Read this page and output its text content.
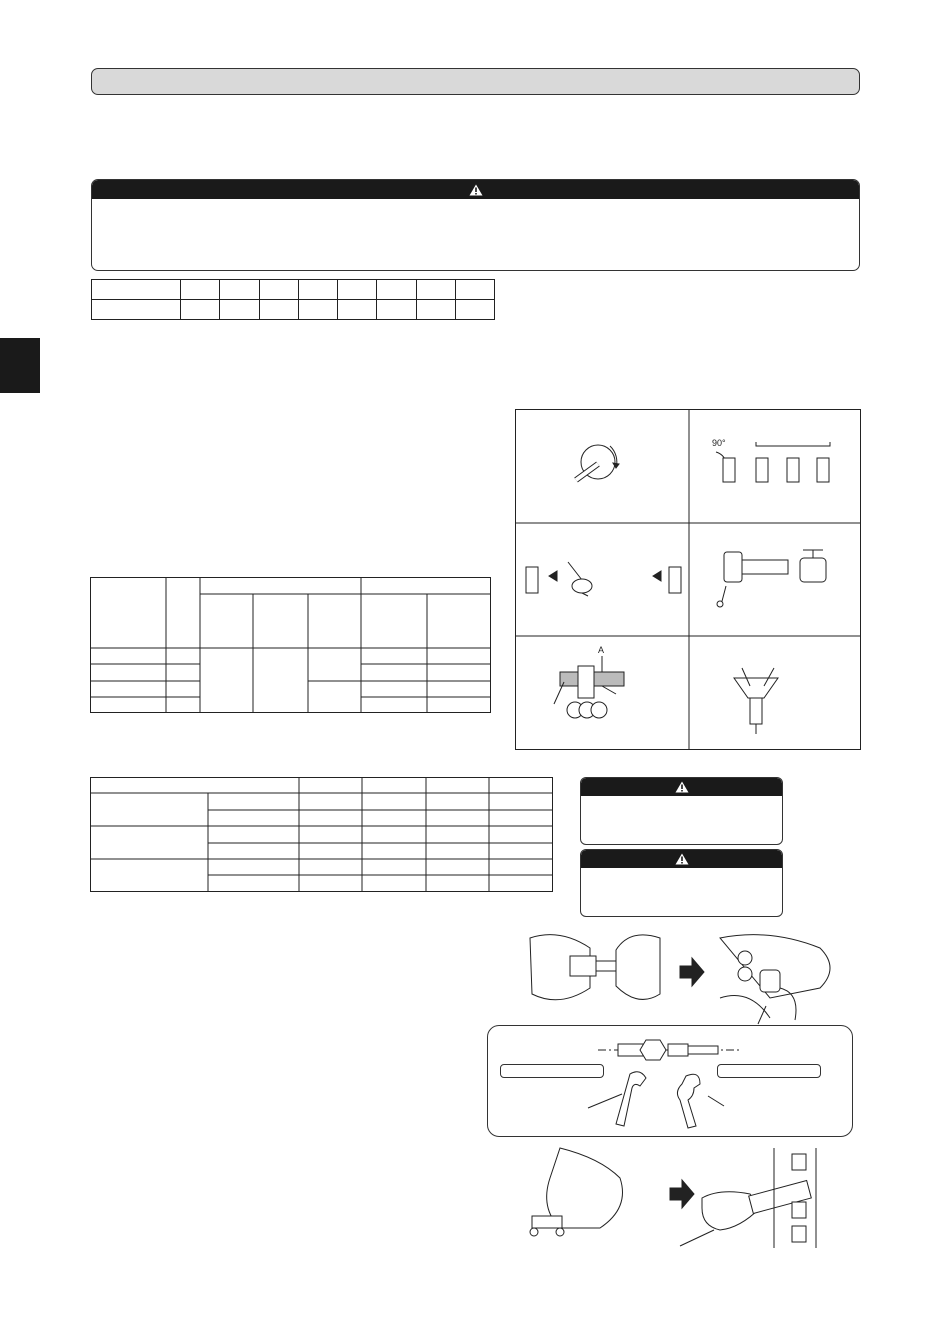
90°
A
